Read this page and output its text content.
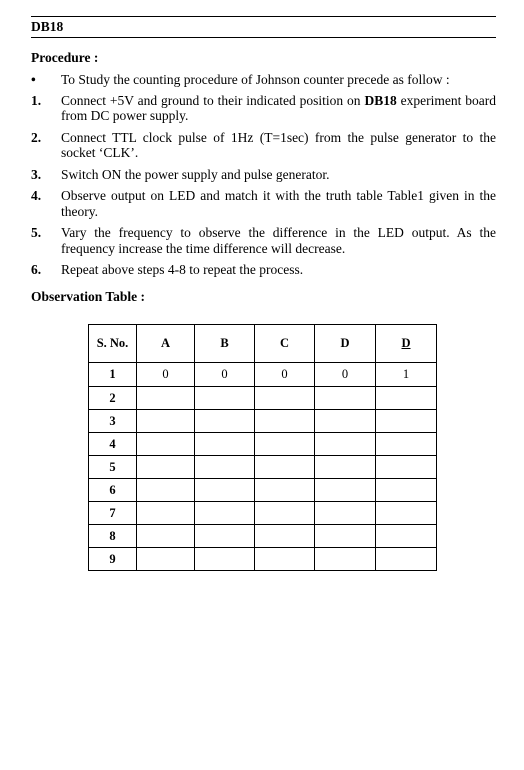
DB18
Procedure :
• To Study the counting procedure of Johnson counter precede as follow :
1. Connect +5V and ground to their indicated position on DB18 experiment board from DC power supply.
2. Connect TTL clock pulse of 1Hz (T=1sec) from the pulse generator to the socket ‘CLK’.
3. Switch ON the power supply and pulse generator.
4. Observe output on LED and match it with the truth table Table1 given in the theory.
5. Vary the frequency to observe the difference in the LED output. As the frequency increase the time difference will decrease.
6. Repeat above steps 4-8 to repeat the process.
Observation Table :
S. No.	A	B	C	D	D
1	0	0	0	0	1
2					
3					
4					
5					
6					
7					
8					
9					
